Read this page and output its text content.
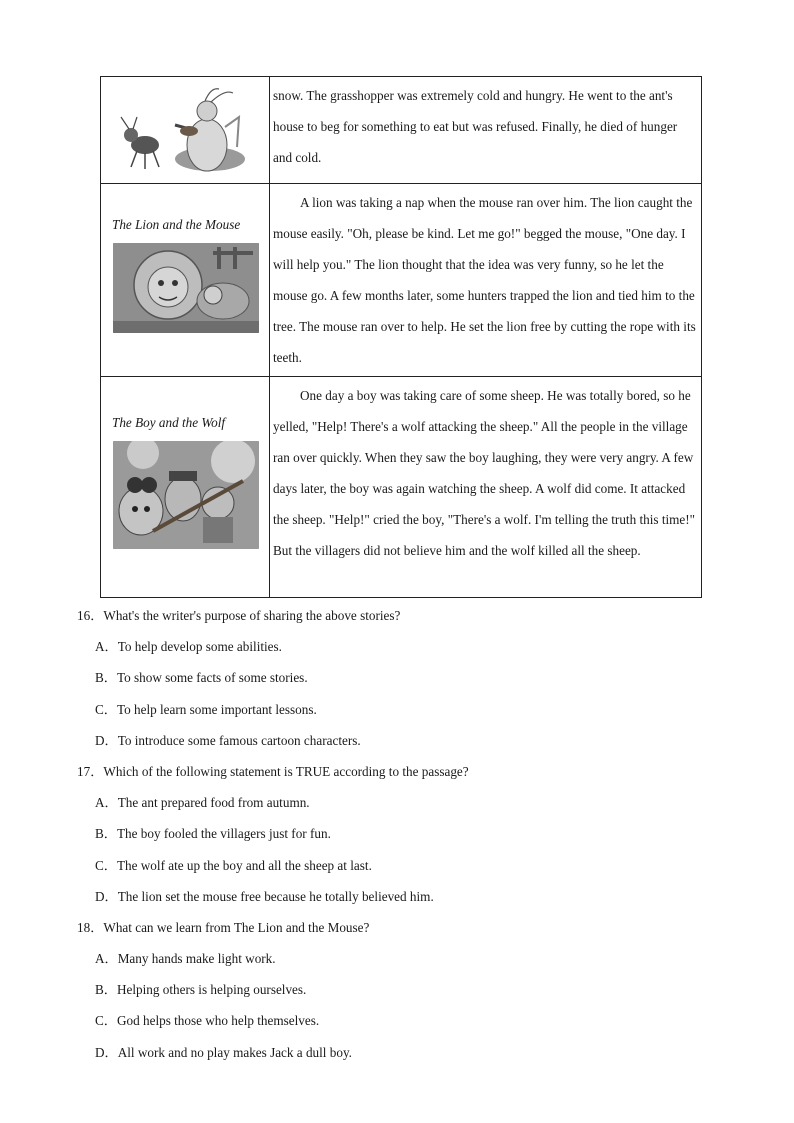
snow. The grasshopper was extremely cold and hungry. He went to the ant's house to beg for something to eat but was refused. Finally, he died of hunger and cold.

The Lion and the Mouse	A lion was taking a nap when the mouse ran over him. The lion caught the mouse easily. "Oh, please be kind. Let me go!" begged the mouse, "One day. I will help you." The lion thought that the idea was very funny, so he let the mouse go. A few months later, some hunters trapped the lion and tied him to the tree. The mouse ran over to help. He set the lion free by cutting the rope with its teeth.

The Boy and the Wolf	One day a boy was taking care of some sheep. He was totally bored, so he yelled, "Help! There's a wolf attacking the sheep." All the people in the village ran over quickly. When they saw the boy laughing, they were very angry. A few days later, the boy was again watching the sheep. A wolf did come. It attacked the sheep. "Help!" cried the boy, "There's a wolf. I'm telling the truth this time!" But the villagers did not believe him and the wolf killed all the sheep.
16．What's the writer's purpose of sharing the above stories?
A．To help develop some abilities.
B．To show some facts of some stories.
C．To help learn some important lessons.
D．To introduce some famous cartoon characters.
17．Which of the following statement is TRUE according to the passage?
A．The ant prepared food from autumn.
B．The boy fooled the villagers just for fun.
C．The wolf ate up the boy and all the sheep at last.
D．The lion set the mouse free because he totally believed him.
18．What can we learn from The Lion and the Mouse?
A．Many hands make light work.
B．Helping others is helping ourselves.
C．God helps those who help themselves.
D．All work and no play makes Jack a dull boy.
